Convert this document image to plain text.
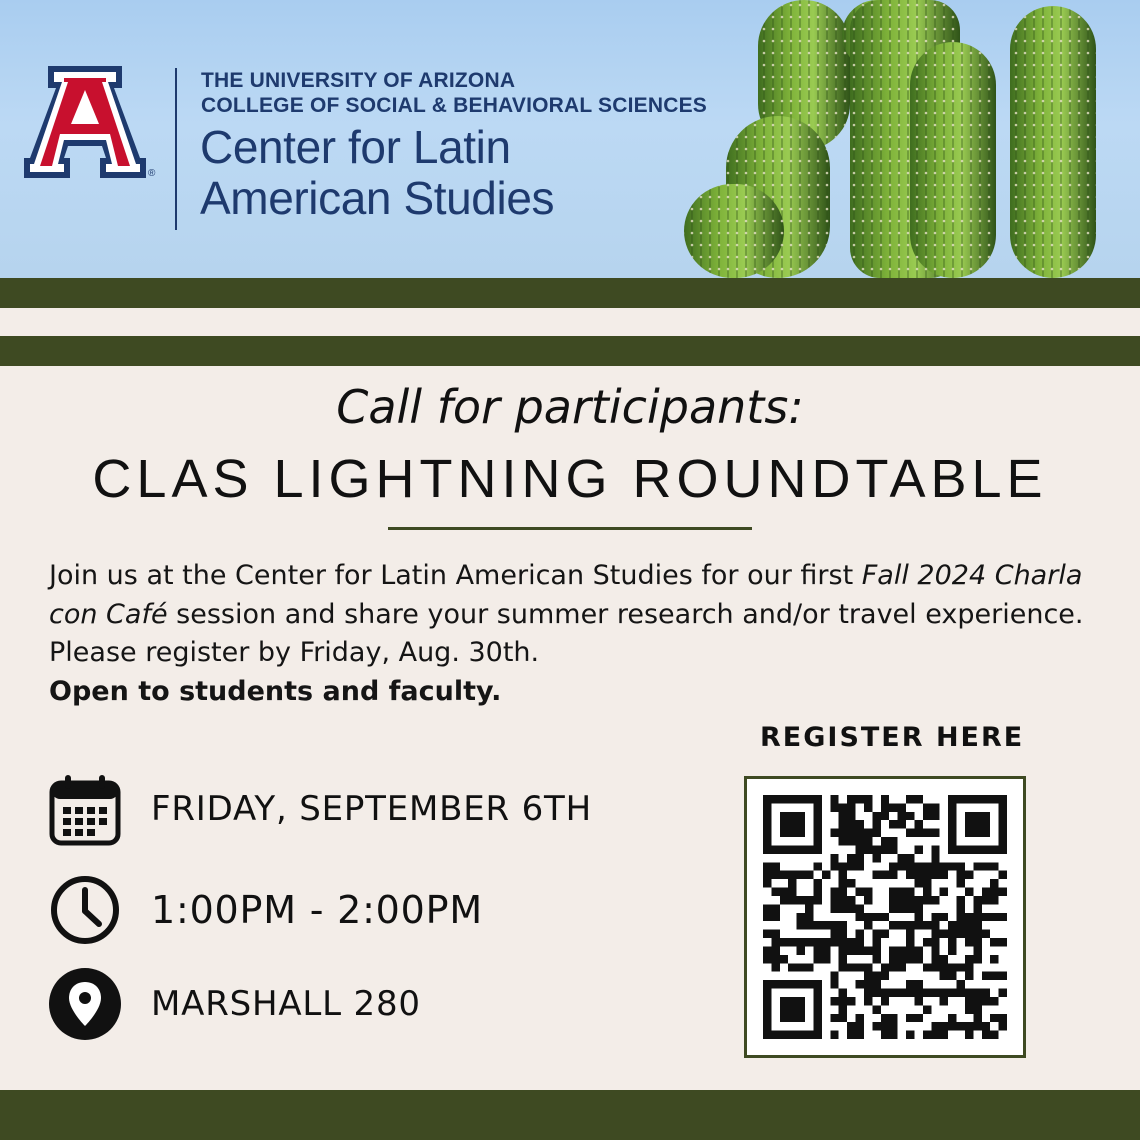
®
THE UNIVERSITY OF ARIZONA
COLLEGE OF SOCIAL & BEHAVIORAL SCIENCES
Center for Latin
American Studies
Call for participants:
CLAS LIGHTNING ROUNDTABLE
Join us at the Center for Latin American Studies for our first Fall 2024 Charla con Café session and share your summer research and/or travel experience. Please register by Friday, Aug. 30th.
Open to students and faculty.
FRIDAY, SEPTEMBER 6TH
1:00PM - 2:00PM
MARSHALL 280
REGISTER HERE
